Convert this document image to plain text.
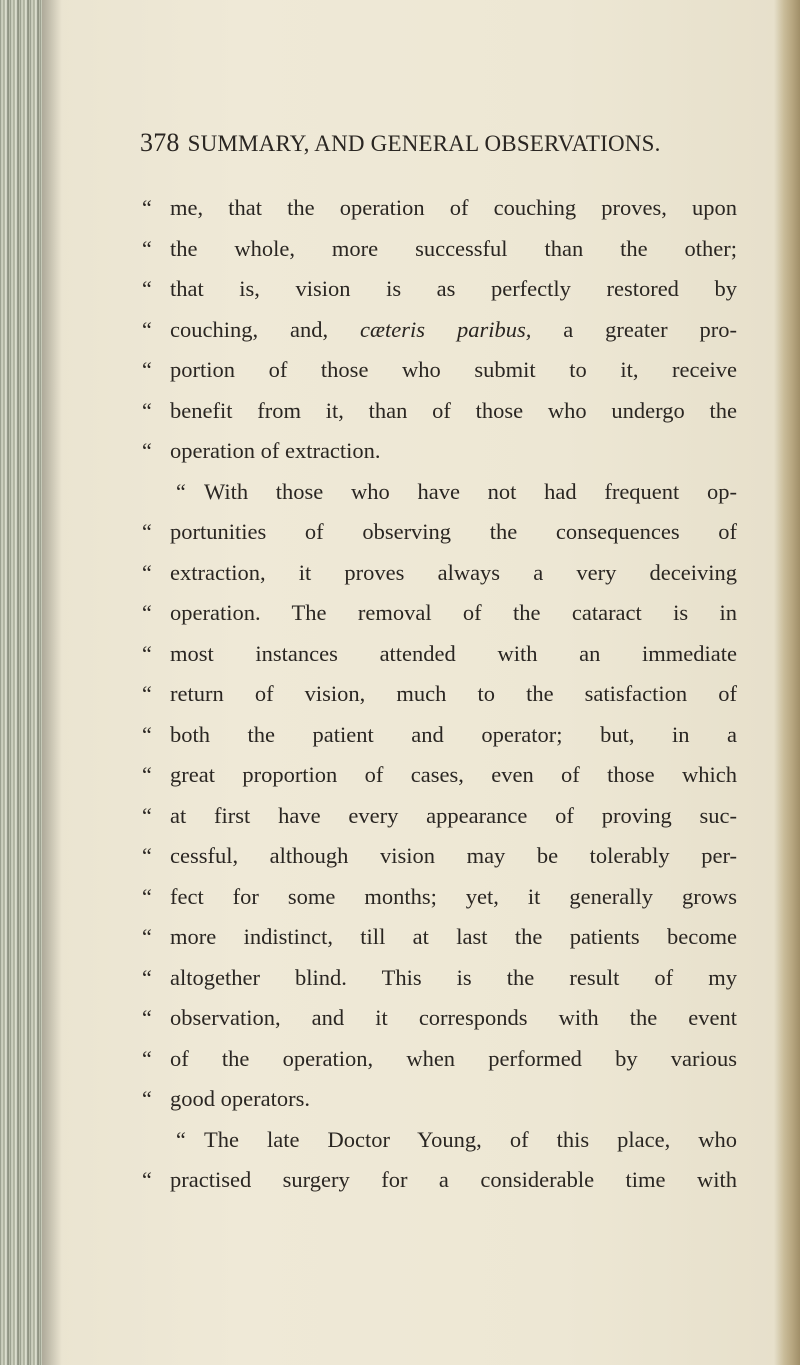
378 SUMMARY, AND GENERAL OBSERVATIONS.
“ me, that the operation of couching proves, upon
“ the whole, more successful than the other;
“ that is, vision is as perfectly restored by
“ couching, and, cæteris paribus, a greater pro-
“ portion of those who submit to it, receive
“ benefit from it, than of those who undergo the
“ operation of extraction.
“ With those who have not had frequent op-
“ portunities of observing the consequences of
“ extraction, it proves always a very deceiving
“ operation. The removal of the cataract is in
“ most instances attended with an immediate
“ return of vision, much to the satisfaction of
“ both the patient and operator; but, in a
“ great proportion of cases, even of those which
“ at first have every appearance of proving suc-
“ cessful, although vision may be tolerably per-
“ fect for some months; yet, it generally grows
“ more indistinct, till at last the patients become
“ altogether blind. This is the result of my
“ observation, and it corresponds with the event
“ of the operation, when performed by various
“ good operators.
“ The late Doctor Young, of this place, who
“ practised surgery for a considerable time with
